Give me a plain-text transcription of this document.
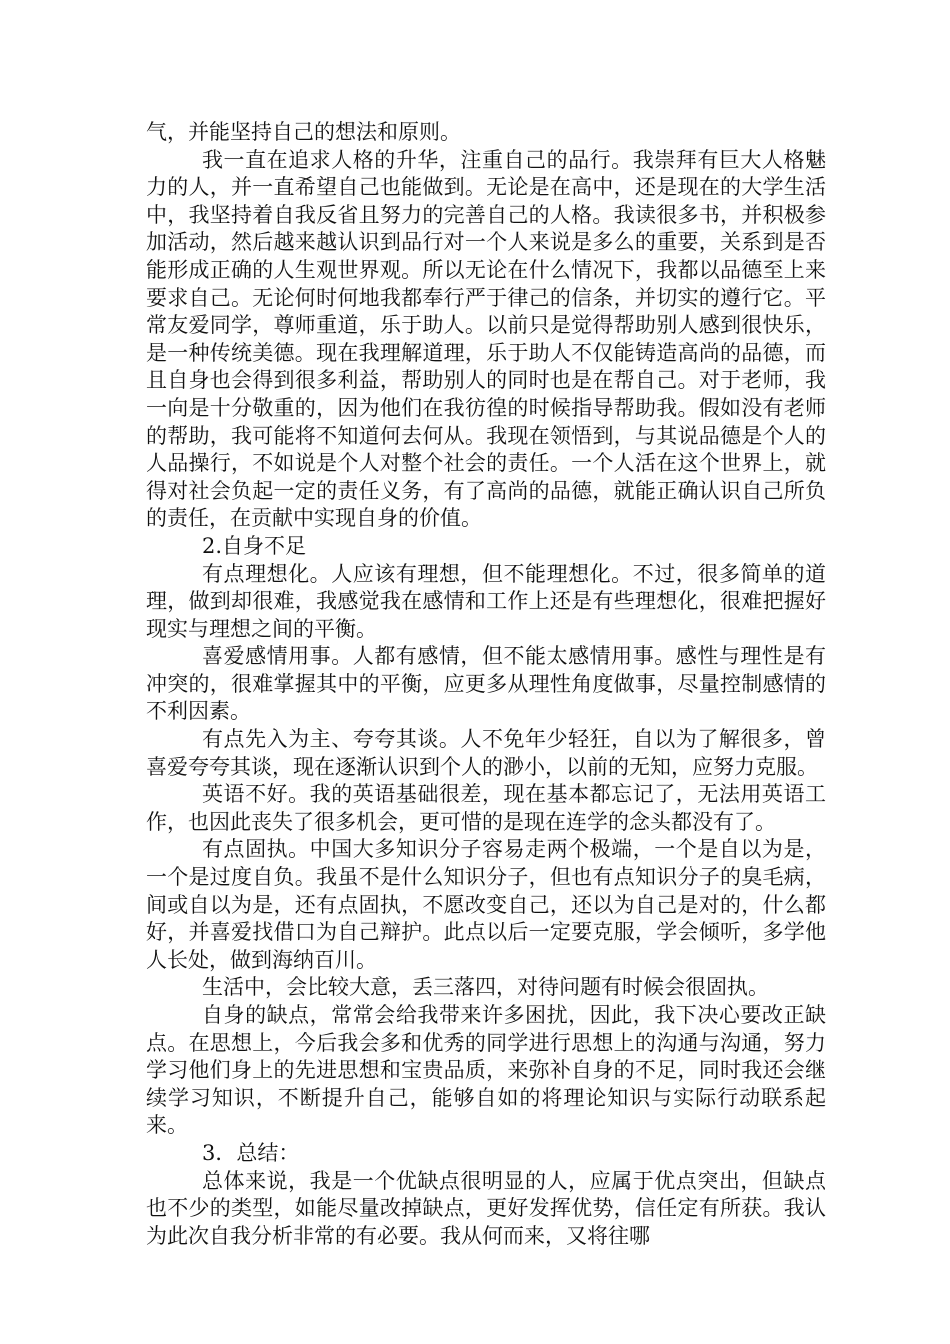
气，并能坚持自己的想法和原则。

我一直在追求人格的升华，注重自己的品行。我崇拜有巨大人格魅力的人，并一直希望自己也能做到。无论是在高中，还是现在的大学生活中，我坚持着自我反省且努力的完善自己的人格。我读很多书，并积极参加活动，然后越来越认识到品行对一个人来说是多么的重要，关系到是否能形成正确的人生观世界观。所以无论在什么情况下，我都以品德至上来要求自己。无论何时何地我都奉行严于律己的信条，并切实的遵行它。平常友爱同学，尊师重道，乐于助人。以前只是觉得帮助别人感到很快乐，是一种传统美德。现在我理解道理，乐于助人不仅能铸造高尚的品德，而且自身也会得到很多利益，帮助别人的同时也是在帮自己。对于老师，我一向是十分敬重的，因为他们在我彷徨的时候指导帮助我。假如没有老师的帮助，我可能将不知道何去何从。我现在领悟到，与其说品德是个人的人品操行，不如说是个人对整个社会的责任。一个人活在这个世界上，就得对社会负起一定的责任义务，有了高尚的品德，就能正确认识自己所负的责任，在贡献中实现自身的价值。

2.自身不足

有点理想化。人应该有理想，但不能理想化。不过，很多简单的道理，做到却很难，我感觉我在感情和工作上还是有些理想化，很难把握好现实与理想之间的平衡。

喜爱感情用事。人都有感情，但不能太感情用事。感性与理性是有冲突的，很难掌握其中的平衡，应更多从理性角度做事，尽量控制感情的不利因素。

有点先入为主、夸夸其谈。人不免年少轻狂，自以为了解很多，曾喜爱夸夸其谈，现在逐渐认识到个人的渺小，以前的无知，应努力克服。

英语不好。我的英语基础很差，现在基本都忘记了，无法用英语工作，也因此丧失了很多机会，更可惜的是现在连学的念头都没有了。

有点固执。中国大多知识分子容易走两个极端，一个是自以为是，一个是过度自负。我虽不是什么知识分子，但也有点知识分子的臭毛病，间或自以为是，还有点固执，不愿改变自己，还以为自己是对的，什么都好，并喜爱找借口为自己辩护。此点以后一定要克服，学会倾听，多学他人长处，做到海纳百川。

生活中，会比较大意，丢三落四，对待问题有时候会很固执。

自身的缺点，常常会给我带来许多困扰，因此，我下决心要改正缺点。在思想上，今后我会多和优秀的同学进行思想上的沟通与沟通，努力学习他们身上的先进思想和宝贵品质，来弥补自身的不足，同时我还会继续学习知识，不断提升自己，能够自如的将理论知识与实际行动联系起来。

3．总结：

总体来说，我是一个优缺点很明显的人，应属于优点突出，但缺点也不少的类型，如能尽量改掉缺点，更好发挥优势，信任定有所获。我认为此次自我分析非常的有必要。我从何而来，又将往哪
